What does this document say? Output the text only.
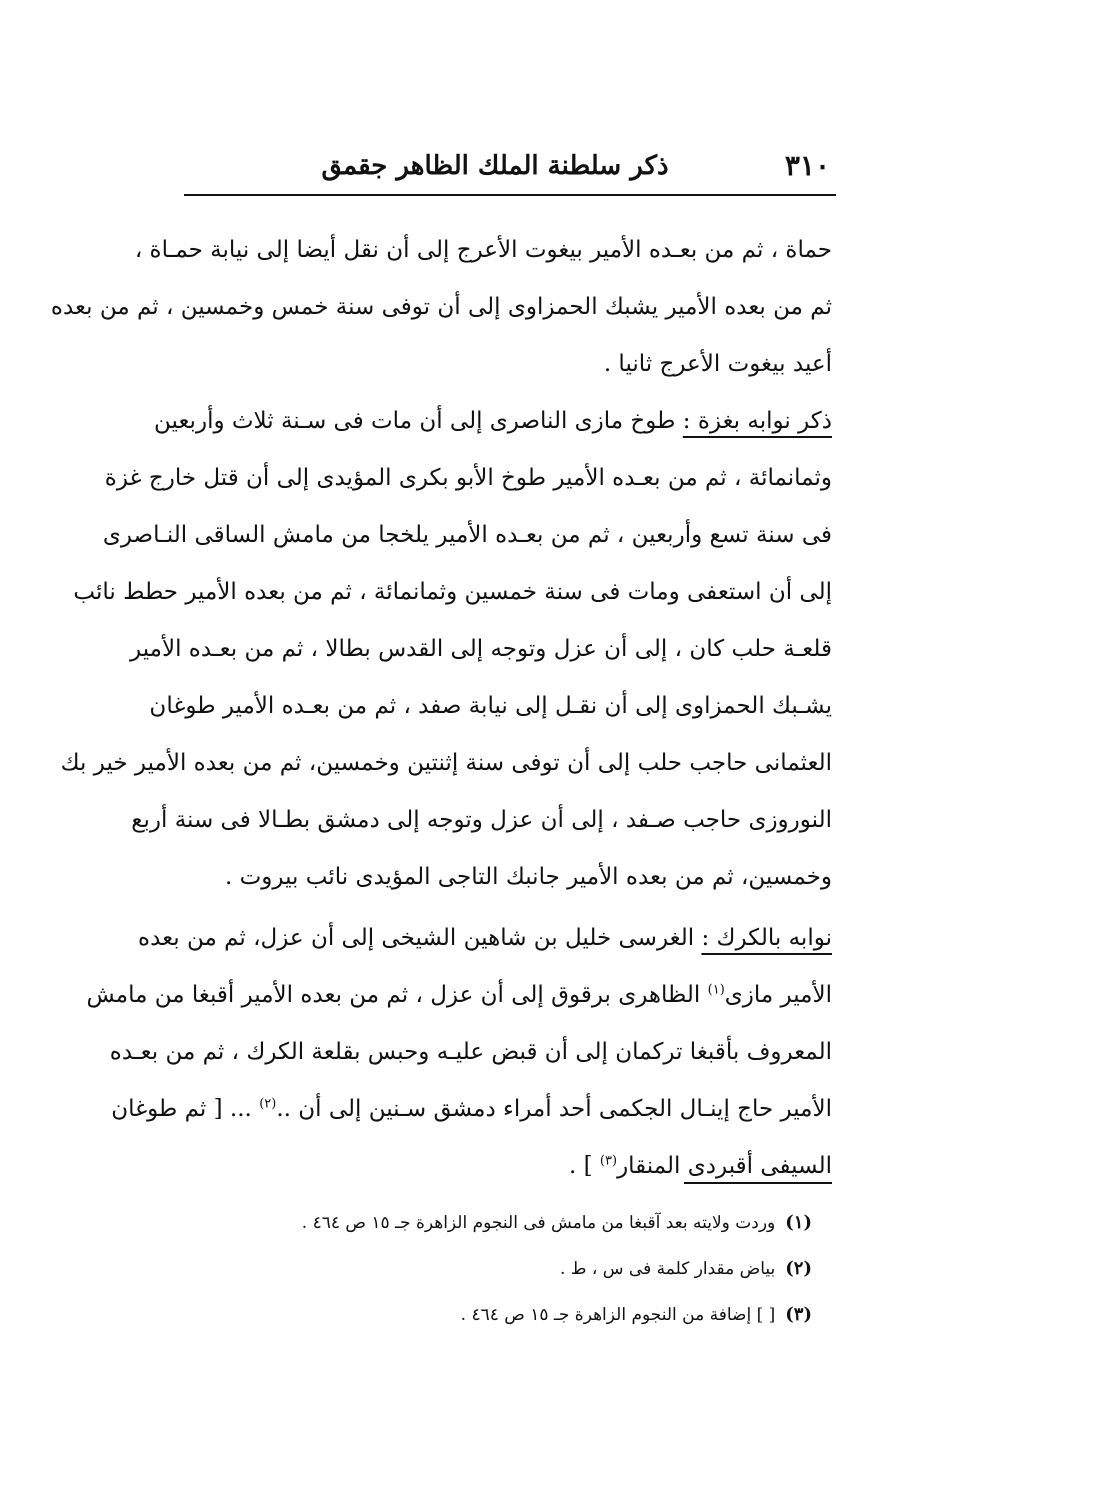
٣١٠
ذكر سلطنة الملك الظاهر جقمق
حماة ، ثم من بعـده الأمير بيغوت الأعرج إلى أن نقل أيضا إلى نيابة حمـاة ،
ثم من بعده الأمير يشبك الحمزاوى إلى أن توفى سنة خمس وخمسين ، ثم من بعده
أعيد بيغوت الأعرج ثانيا .
ذكر نوابه بغزة : طوخ مازى الناصرى إلى أن مات فى سـنة ثلاث وأربعين
وثمانمائة ، ثم من بعـده الأمير طوخ الأبو بكرى المؤيدى إلى أن قتل خارج غزة
فى سنة تسع وأربعين ، ثم من بعـده الأمير يلخجا من مامش الساقى النـاصرى
إلى أن استعفى ومات فى سنة خمسين وثمانمائة ، ثم من بعده الأمير حطط نائب
قلعـة حلب كان ، إلى أن عزل وتوجه إلى القدس بطالا ، ثم من بعـده الأمير
يشـبك الحمزاوى إلى أن نقـل إلى نيابة صفد ، ثم من بعـده الأمير طوغان
العثمانى حاجب حلب إلى أن توفى سنة إثنتين وخمسين، ثم من بعده الأمير خير بك
النوروزى حاجب صـفد ، إلى أن عزل وتوجه إلى دمشق بطـالا فى سنة أربع
وخمسين، ثم من بعده الأمير جانبك التاجى المؤيدى نائب بيروت .
نوابه بالكرك : الغرسى خليل بن شاهين الشيخى إلى أن عزل، ثم من بعده
الأمير مازى$^{(١)}$ الظاهرى برقوق إلى أن عزل ، ثم من بعده الأمير أقبغا من مامش
المعروف بأقبغا تركمان إلى أن قبض عليـه وحبس بقلعة الكرك ، ثم من بعـده
الأمير حاج إينـال الجكمى أحد أمراء دمشق سـنين إلى أن ..$^{(٢)}$ ... [ ثم طوغان
السيفى أقبردى المنقار$^{(٣)}$ ] .
(١)وردت ولايته بعد آقبغا من مامش فى النجوم الزاهرة جـ ١٥ ص ٤٦٤ .
(٢)بياض مقدار كلمة فى س ، ط .
(٣)[ ] إضافة من النجوم الزاهرة جـ ١٥ ص ٤٦٤ .
